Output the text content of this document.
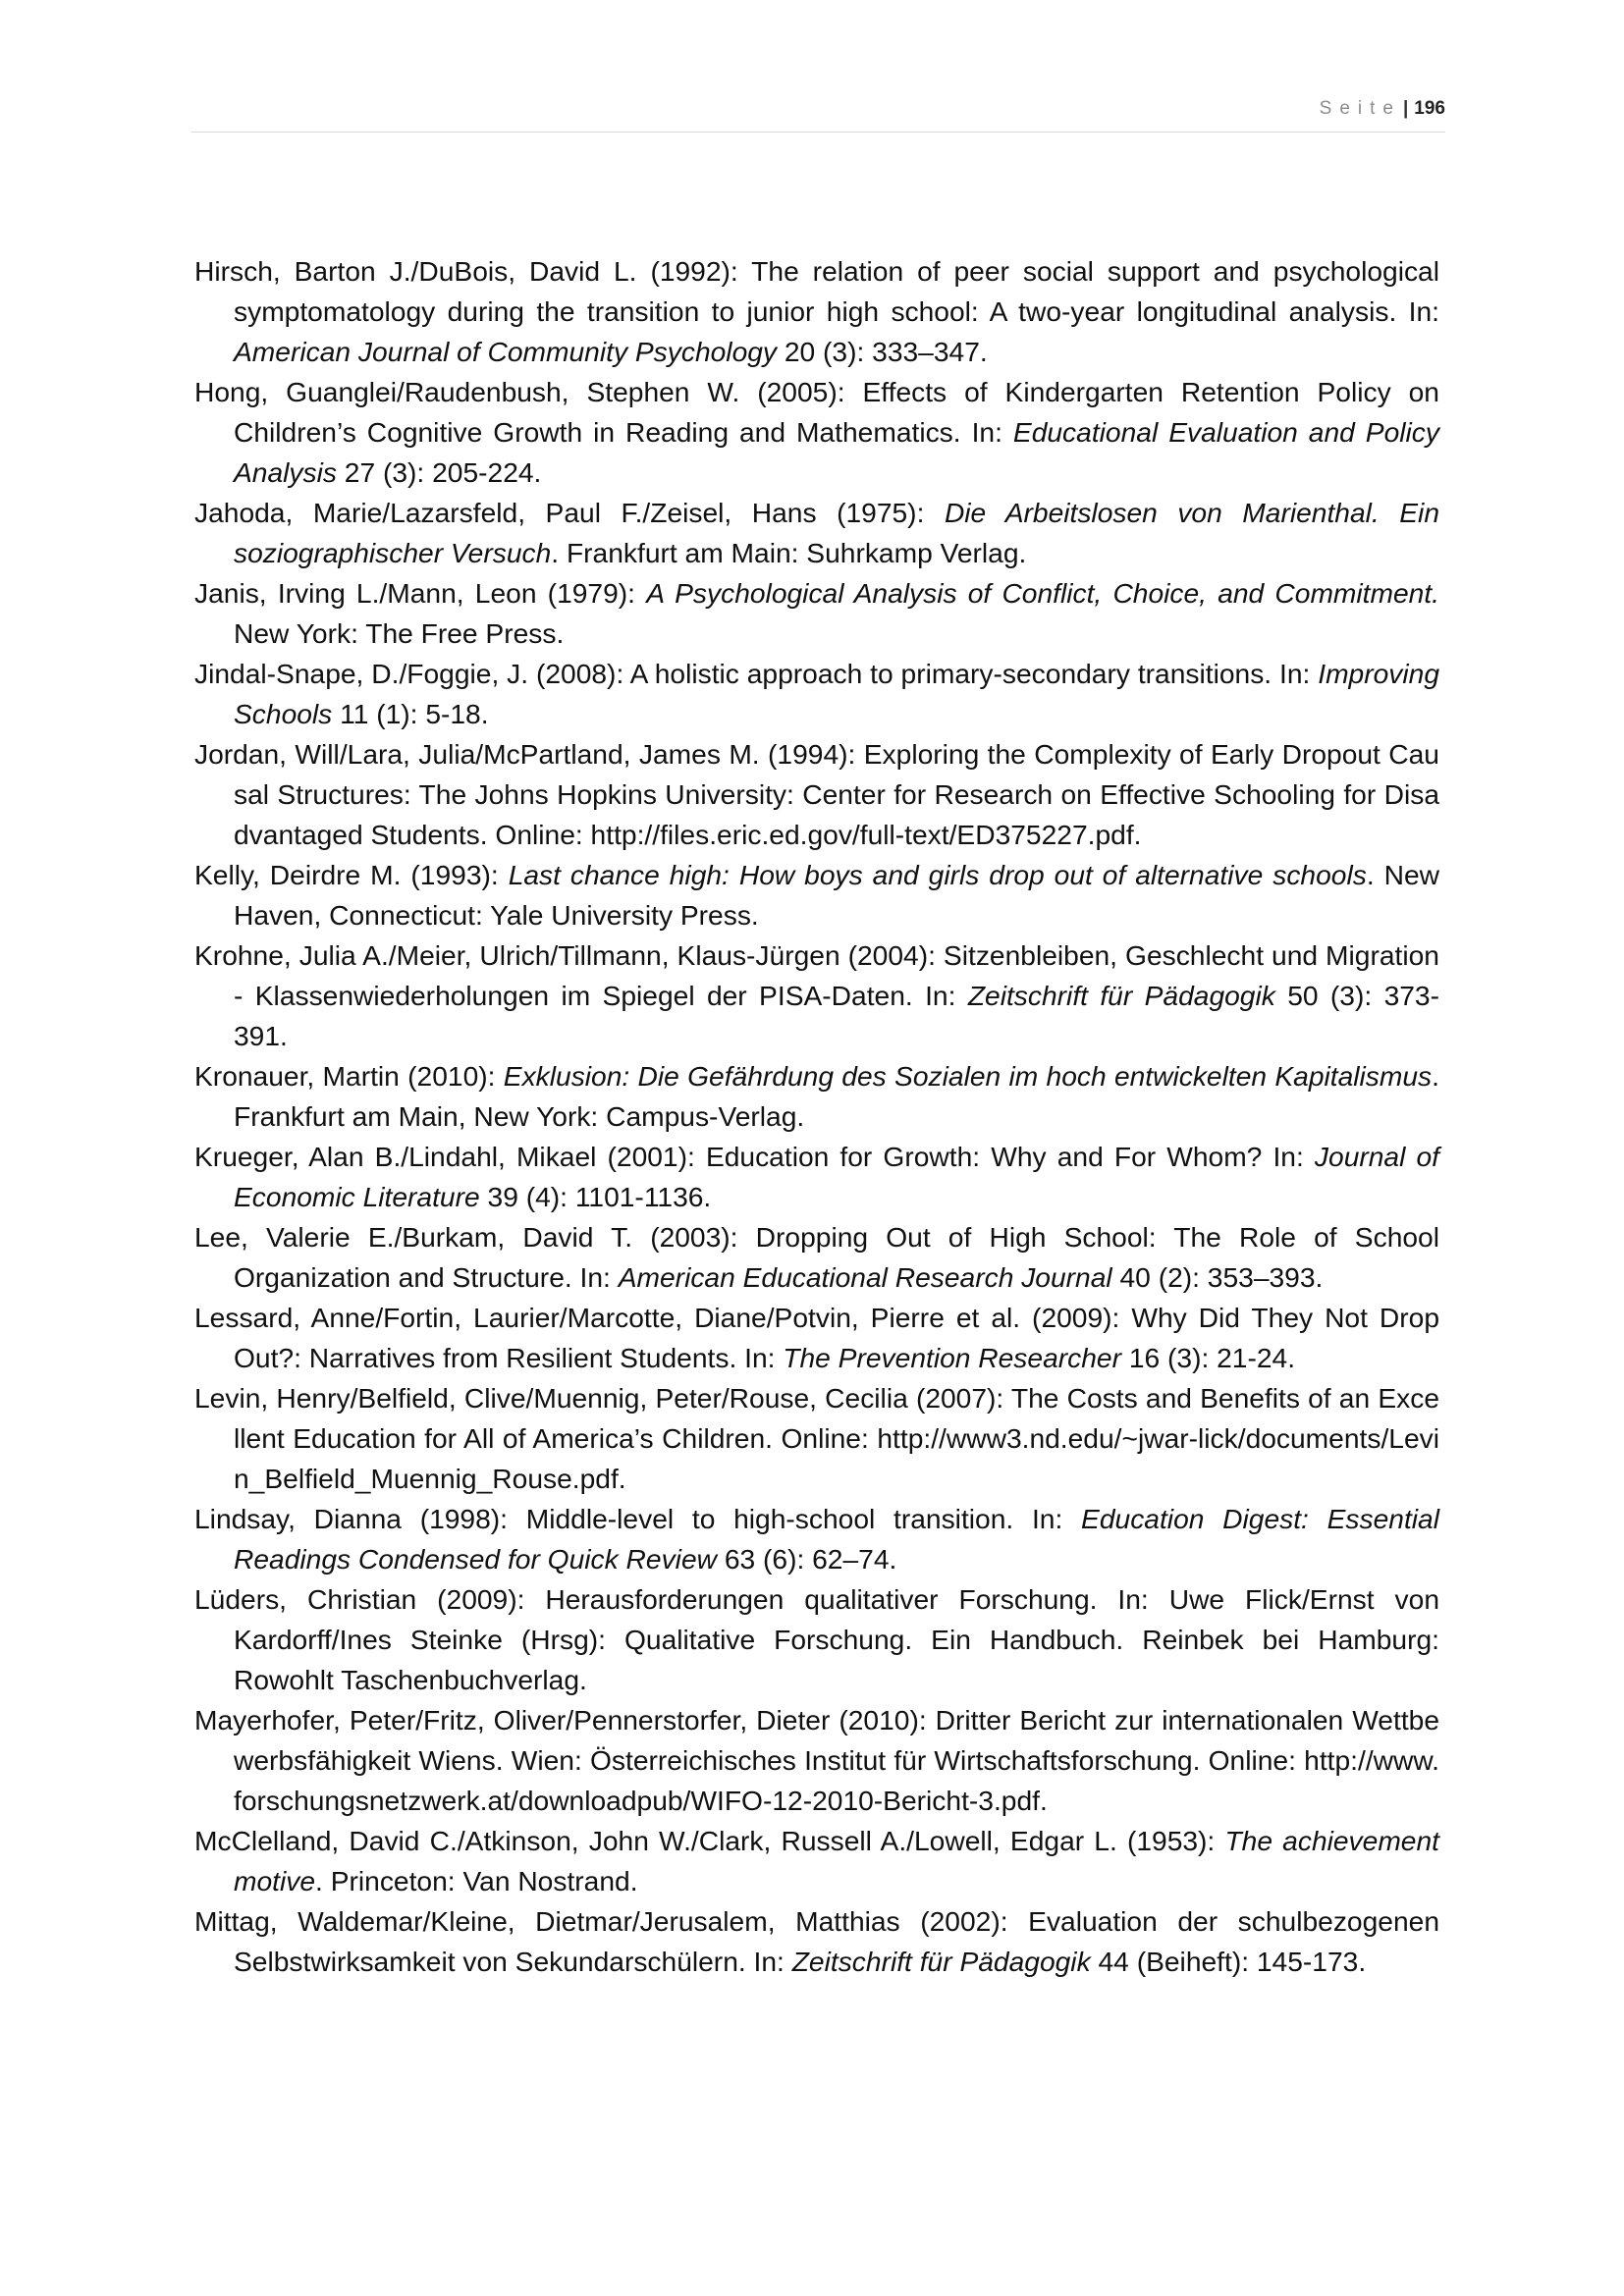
Seite | 196
Hirsch, Barton J./DuBois, David L. (1992): The relation of peer social support and psychological symptomatology during the transition to junior high school: A two-year longitudinal analysis. In: American Journal of Community Psychology 20 (3): 333–347.
Hong, Guanglei/Raudenbush, Stephen W. (2005): Effects of Kindergarten Retention Policy on Children’s Cognitive Growth in Reading and Mathematics. In: Educational Evaluation and Policy Analysis 27 (3): 205-224.
Jahoda, Marie/Lazarsfeld, Paul F./Zeisel, Hans (1975): Die Arbeitslosen von Marienthal. Ein soziographischer Versuch. Frankfurt am Main: Suhrkamp Verlag.
Janis, Irving L./Mann, Leon (1979): A Psychological Analysis of Conflict, Choice, and Commitment. New York: The Free Press.
Jindal-Snape, D./Foggie, J. (2008): A holistic approach to primary-secondary transitions. In: Improving Schools 11 (1): 5-18.
Jordan, Will/Lara, Julia/McPartland, James M. (1994): Exploring the Complexity of Early Dropout Causal Structures: The Johns Hopkins University: Center for Research on Effective Schooling for Disadvantaged Students. Online: http://files.eric.ed.gov/full-text/ED375227.pdf.
Kelly, Deirdre M. (1993): Last chance high: How boys and girls drop out of alternative schools. New Haven, Connecticut: Yale University Press.
Krohne, Julia A./Meier, Ulrich/Tillmann, Klaus-Jürgen (2004): Sitzenbleiben, Geschlecht und Migration - Klassenwiederholungen im Spiegel der PISA-Daten. In: Zeitschrift für Pädagogik 50 (3): 373-391.
Kronauer, Martin (2010): Exklusion: Die Gefährdung des Sozialen im hoch entwickelten Kapitalismus. Frankfurt am Main, New York: Campus-Verlag.
Krueger, Alan B./Lindahl, Mikael (2001): Education for Growth: Why and For Whom? In: Journal of Economic Literature 39 (4): 1101-1136.
Lee, Valerie E./Burkam, David T. (2003): Dropping Out of High School: The Role of School Organization and Structure. In: American Educational Research Journal 40 (2): 353–393.
Lessard, Anne/Fortin, Laurier/Marcotte, Diane/Potvin, Pierre et al. (2009): Why Did They Not Drop Out?: Narratives from Resilient Students. In: The Prevention Researcher 16 (3): 21-24.
Levin, Henry/Belfield, Clive/Muennig, Peter/Rouse, Cecilia (2007): The Costs and Benefits of an Excellent Education for All of America’s Children. Online: http://www3.nd.edu/~jwar-lick/documents/Levin_Belfield_Muennig_Rouse.pdf.
Lindsay, Dianna (1998): Middle-level to high-school transition. In: Education Digest: Essential Readings Condensed for Quick Review 63 (6): 62–74.
Lüders, Christian (2009): Herausforderungen qualitativer Forschung. In: Uwe Flick/Ernst von Kardorff/Ines Steinke (Hrsg): Qualitative Forschung. Ein Handbuch. Reinbek bei Hamburg: Rowohlt Taschenbuchverlag.
Mayerhofer, Peter/Fritz, Oliver/Pennerstorfer, Dieter (2010): Dritter Bericht zur internationalen Wettbewerbsfähigkeit Wiens. Wien: Österreichisches Institut für Wirtschaftsforschung. Online: http://www.forschungsnetzwerk.at/downloadpub/WIFO-12-2010-Bericht-3.pdf.
McClelland, David C./Atkinson, John W./Clark, Russell A./Lowell, Edgar L. (1953): The achievement motive. Princeton: Van Nostrand.
Mittag, Waldemar/Kleine, Dietmar/Jerusalem, Matthias (2002): Evaluation der schulbezogenen Selbstwirksamkeit von Sekundarschülern. In: Zeitschrift für Pädagogik 44 (Beiheft): 145-173.
